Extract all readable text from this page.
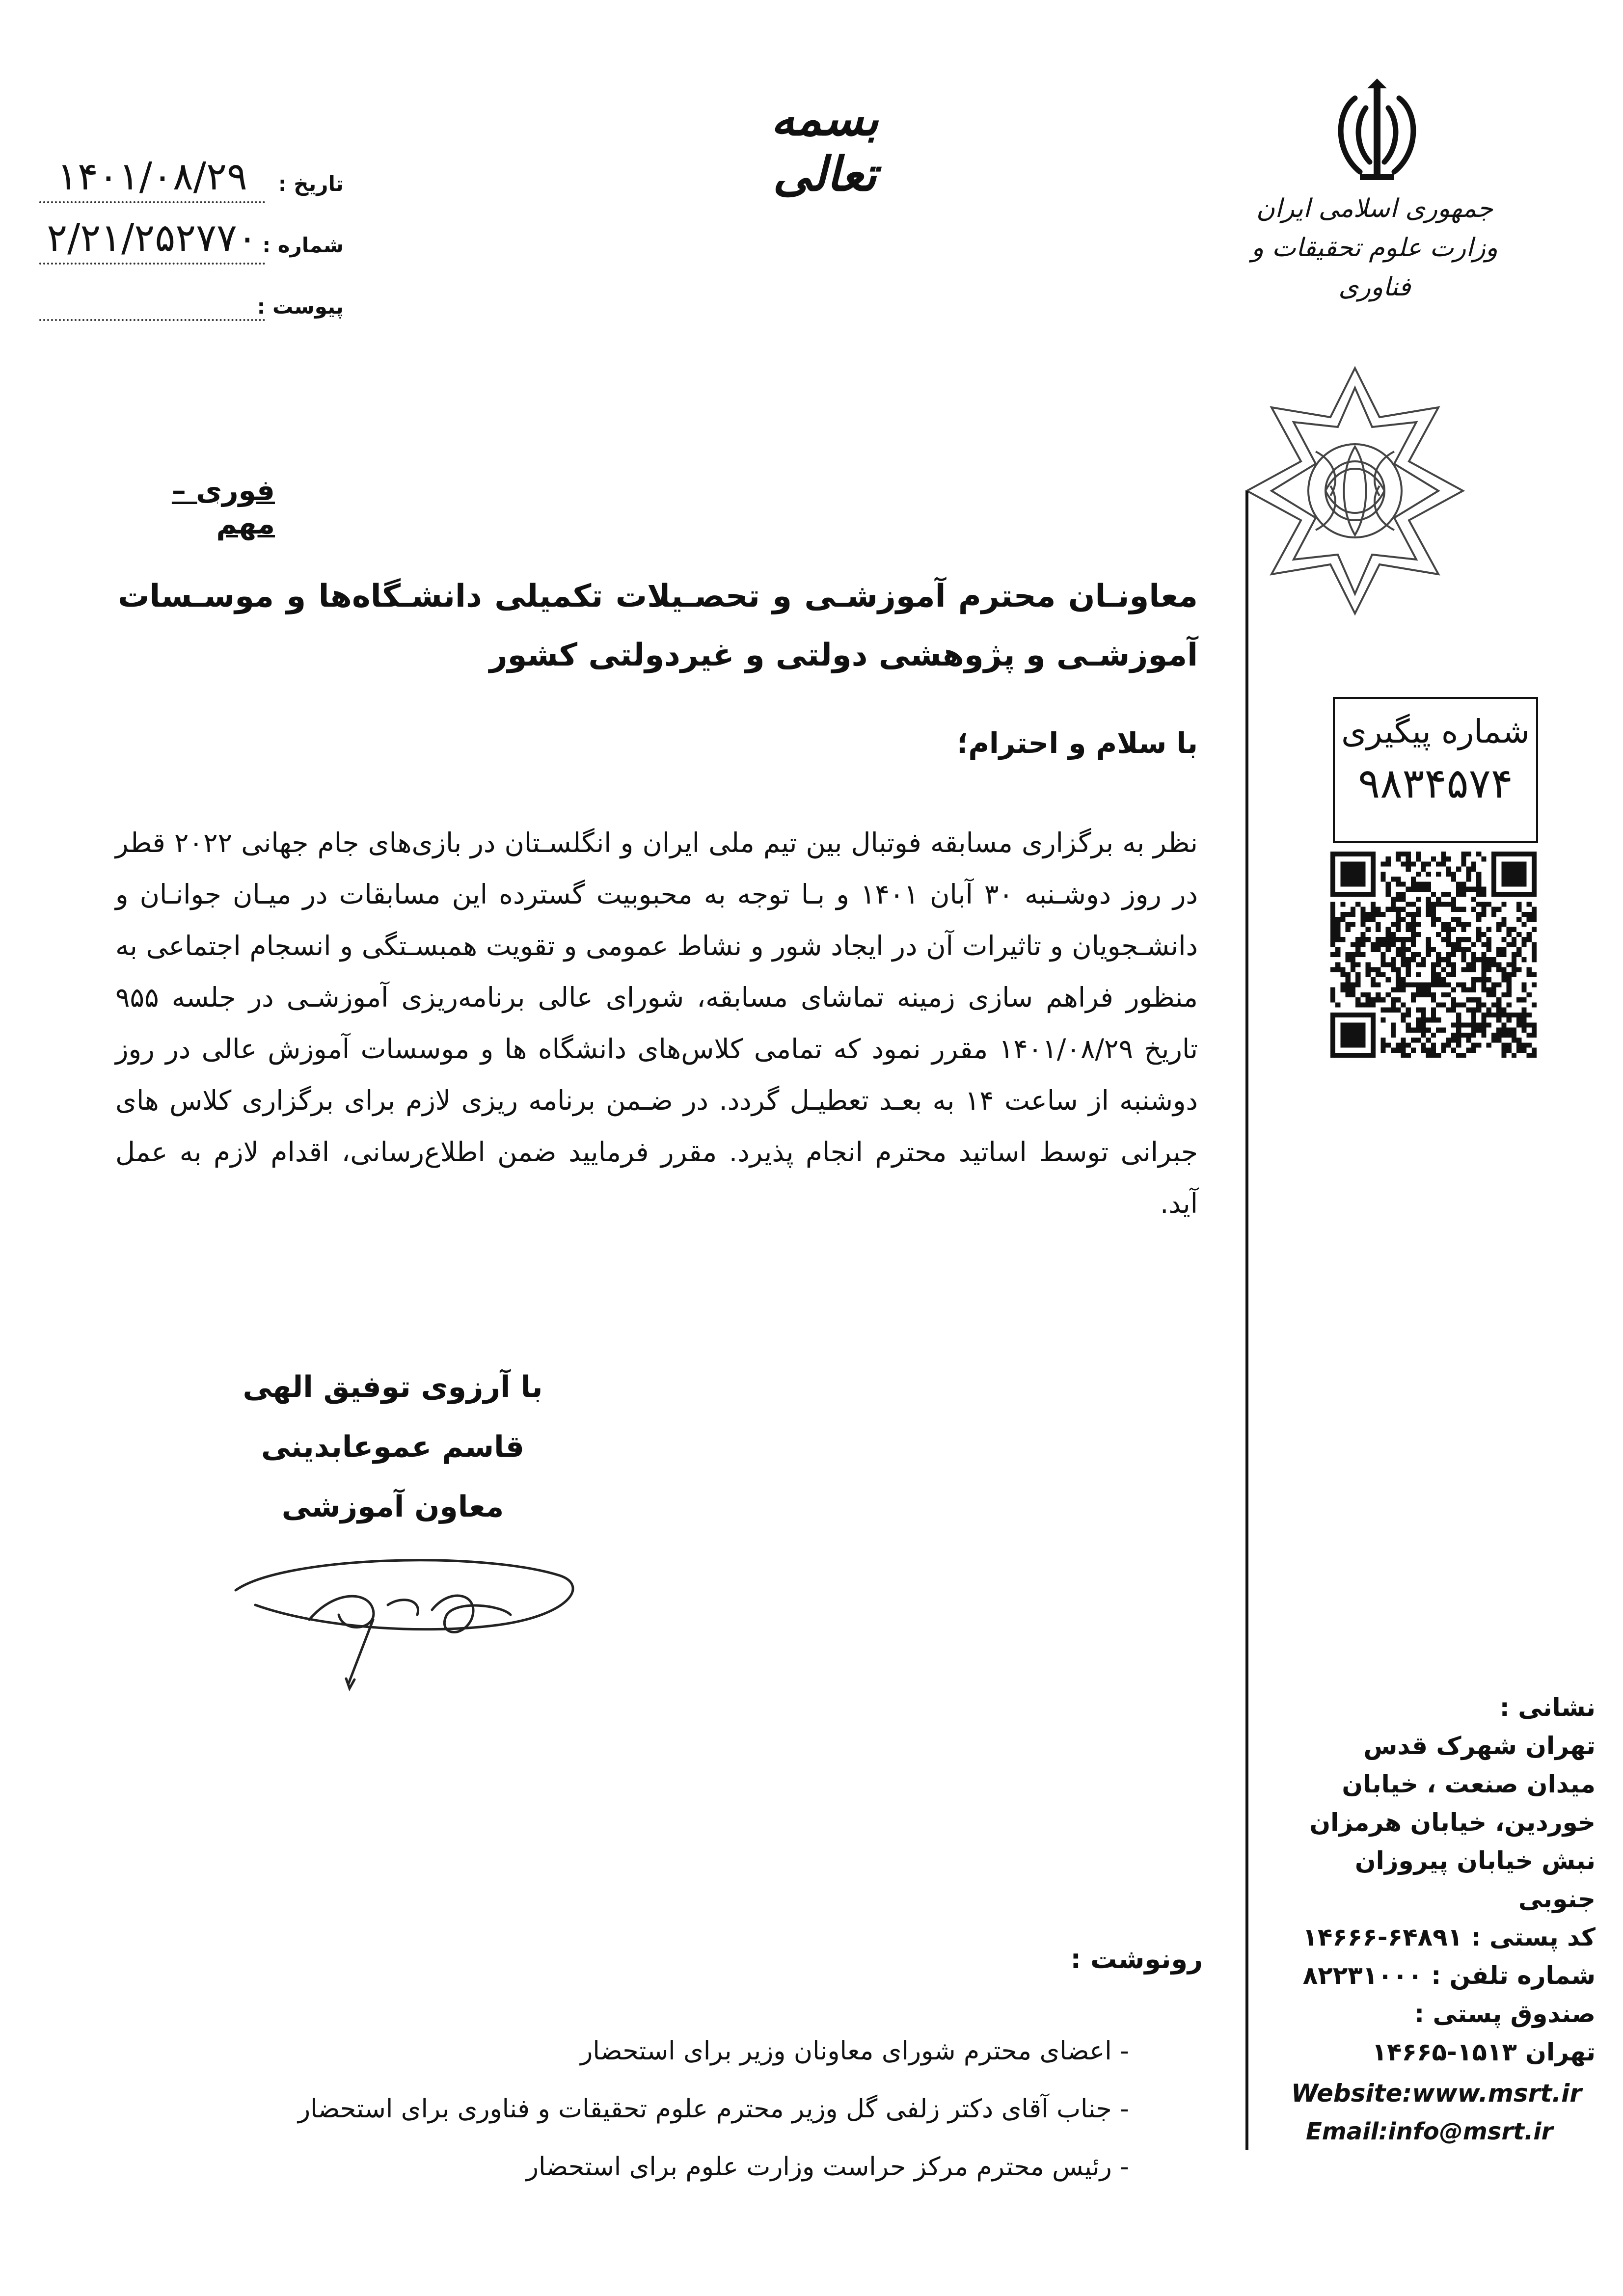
بسمه تعالی
۱۴۰۱/۰۸/۲۹	تاریخ :
۲/۲۱/۲۵۲۷۷۰ شماره :
پیوست :
جمهوری اسلامی ایران
وزارت علوم تحقیقات و فناوری
شماره پیگیری
۹۸۳۴۵۷۴
فوری – مهم
معاونـان محترم آموزشـی و تحصـیلات تکمیلی دانشـگاه‌ها و موسـسات آموزشـی و پژوهشی دولتی و غیردولتی کشور
با سلام و احترام؛
نظر به برگزاری مسابقه فوتبال بین تیم ملی ایران و انگلسـتان در بازی‌های جام جهانی ۲۰۲۲ قطر در روز دوشـنبه ۳۰ آبان ۱۴۰۱ و بـا توجه به محبوبیت گسترده این مسابقات در میـان جوانـان و دانشـجویان و تاثیرات آن در ایجاد شور و نشاط عمومی و تقویت همبسـتگی و انسجام اجتماعی به منظور فراهم سازی زمینه تماشای مسابقه، شورای عالی برنامه‌ریزی آموزشـی در جلسه ۹۵۵ تاریخ ۱۴۰۱/۰۸/۲۹ مقرر نمود که تمامی کلاس‌های دانشگاه ها و موسسات آموزش عالی در روز دوشنبه از ساعت ۱۴ به بعـد تعطیـل گردد. در ضـمن برنامه ریزی لازم برای برگزاری کلاس های جبرانی توسط اساتید محترم انجام پذیرد. مقرر فرمایید ضمن اطلاع‌رسانی، اقدام لازم به عمل آید.
با آرزوی توفیق الهی
قاسم عموعابدینی
معاون آموزشی
رونوشت :
- اعضای محترم شورای معاونان وزیر برای استحضار
- جناب آقای دکتر زلفی گل وزیر محترم علوم تحقیقات و فناوری برای استحضار
- رئیس محترم مرکز حراست وزارت علوم برای استحضار
نشانی :
تهران شهرک قدس
میدان صنعت ، خیابان
خوردین، خیابان هرمزان
نبش خیابان پیروزان جنوبی
کد پستی : ۶۴۸۹۱-۱۴۶۶۶
شماره تلفن : ۸۲۲۳۱۰۰۰
صندوق پستی :
تهران ۱۵۱۳-۱۴۶۶۵
Website:www.msrt.ir
Email:info@msrt.ir
